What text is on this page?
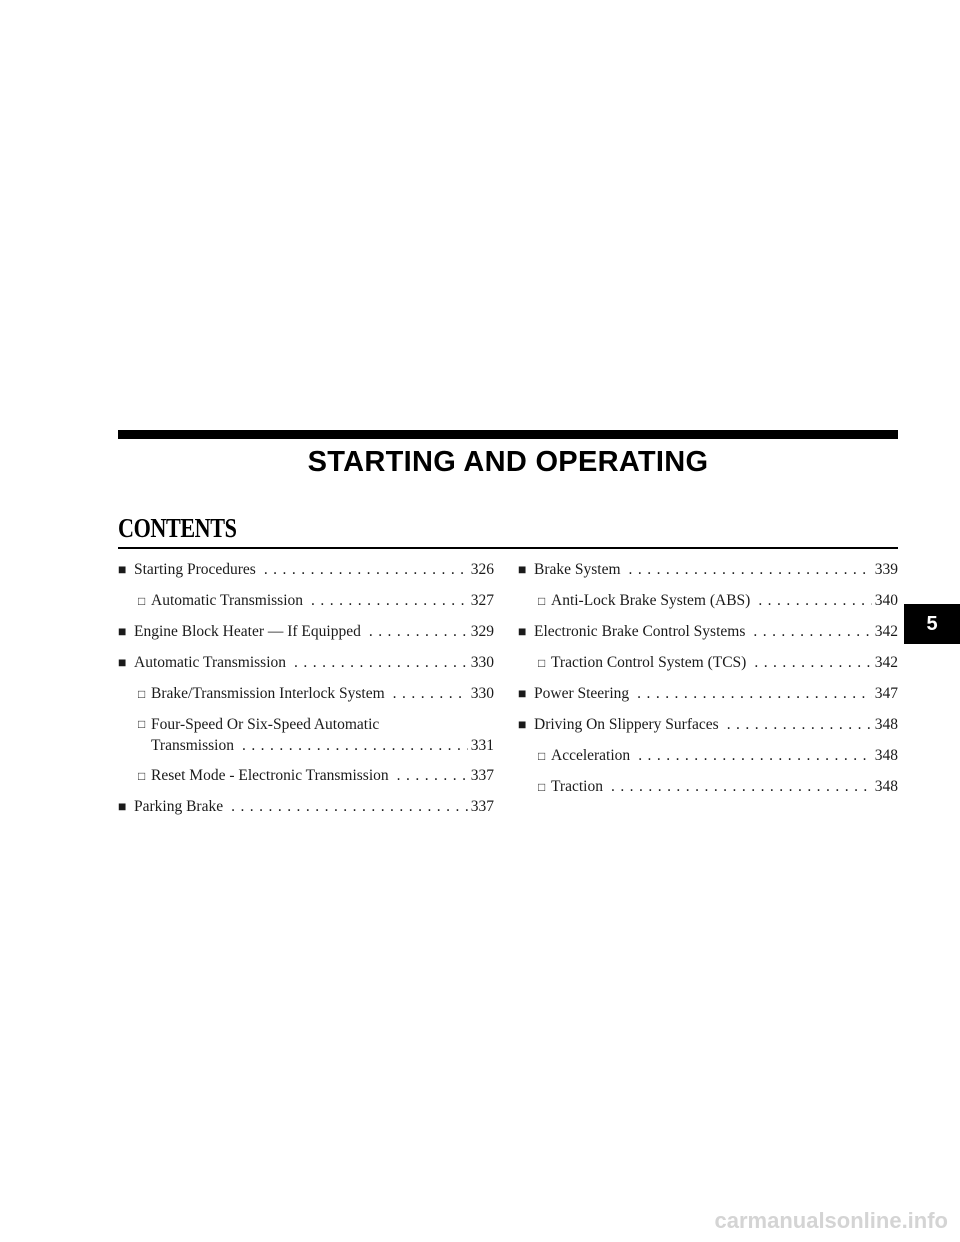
STARTING AND OPERATING
CONTENTS
■ Starting Procedures . . .	326
□ Automatic Transmission . . .	327
■ Engine Block Heater — If Equipped . . .	329
■ Automatic Transmission . . .	330
□ Brake/Transmission Interlock System . . .	330
□ Four-Speed Or Six-Speed Automatic
Transmission . . .	331
□ Reset Mode - Electronic Transmission . . .	337
■ Parking Brake . . .	337
■ Brake System . . .	339
□ Anti-Lock Brake System (ABS) . . .	340
■ Electronic Brake Control Systems . . .	342
□ Traction Control System (TCS) . . .	342
■ Power Steering . . .	347
■ Driving On Slippery Surfaces . . .	348
□ Acceleration . . .	348
□ Traction . . .	348
5
carmanualsonline.info
